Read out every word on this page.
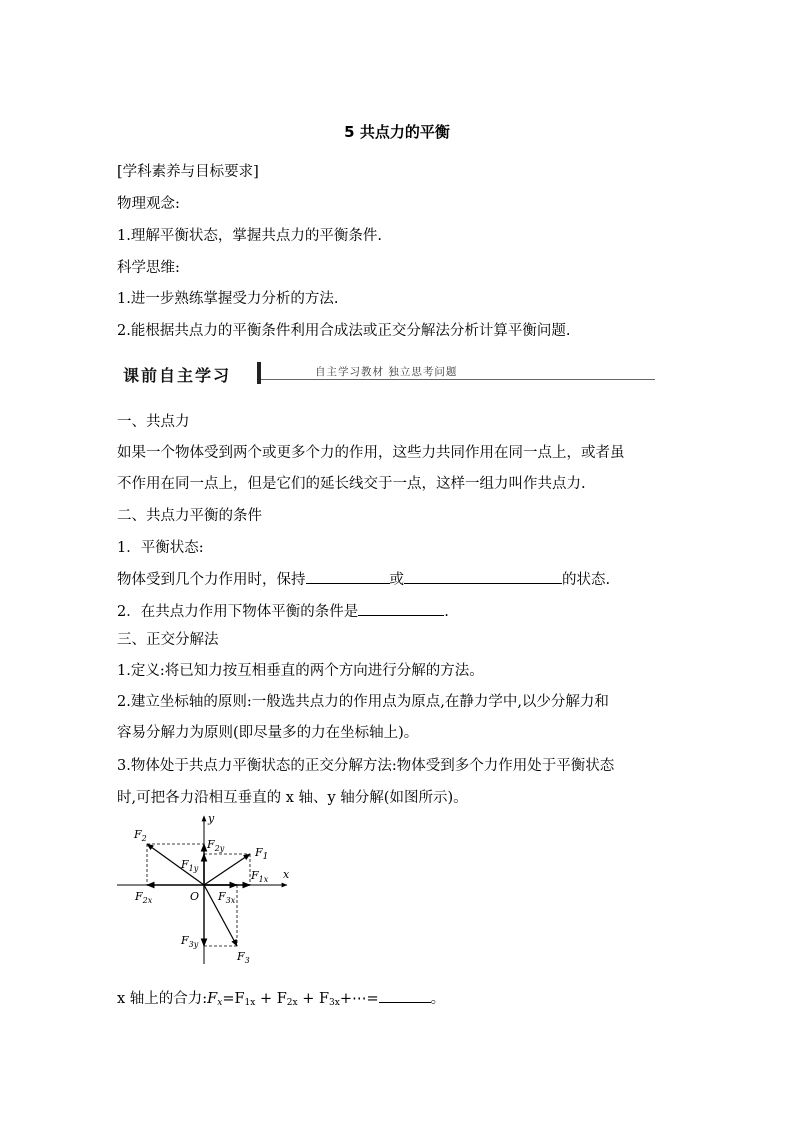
5 共点力的平衡
[学科素养与目标要求]
物理观念:
1.理解平衡状态，掌握共点力的平衡条件.
科学思维:
1.进一步熟练掌握受力分析的方法.
2.能根据共点力的平衡条件利用合成法或正交分解法分析计算平衡问题.
课前自主学习	自主学习教材 独立思考问题
一、共点力
如果一个物体受到两个或更多个力的作用，这些力共同作用在同一点上，或者虽
不作用在同一点上，但是它们的延长线交于一点，这样一组力叫作共点力.
二、共点力平衡的条件
1．平衡状态:
物体受到几个力作用时，保持	或	的状态.
2．在共点力作用下物体平衡的条件是	.
三、正交分解法
1.定义:将已知力按互相垂直的两个方向进行分解的方法。
2.建立坐标轴的原则:一般选共点力的作用点为原点,在静力学中,以少分解力和
容易分解力为原则(即尽量多的力在坐标轴上)。
3.物体处于共点力平衡状态的正交分解方法:物体受到多个力作用处于平衡状态
时,可把各力沿相互垂直的 x 轴、y 轴分解(如图所示)。
y
x
O
$F_1$
$F_2$
$F_3$
$F_{1x}$
$F_{1y}$
$F_{2x}$
$F_{2y}$
$F_{3x}$
$F_{3y}$
x 轴上的合力$:F_x=F_{1x} + F_{2x}$ + $F_{3x}+\cdots=$	。
